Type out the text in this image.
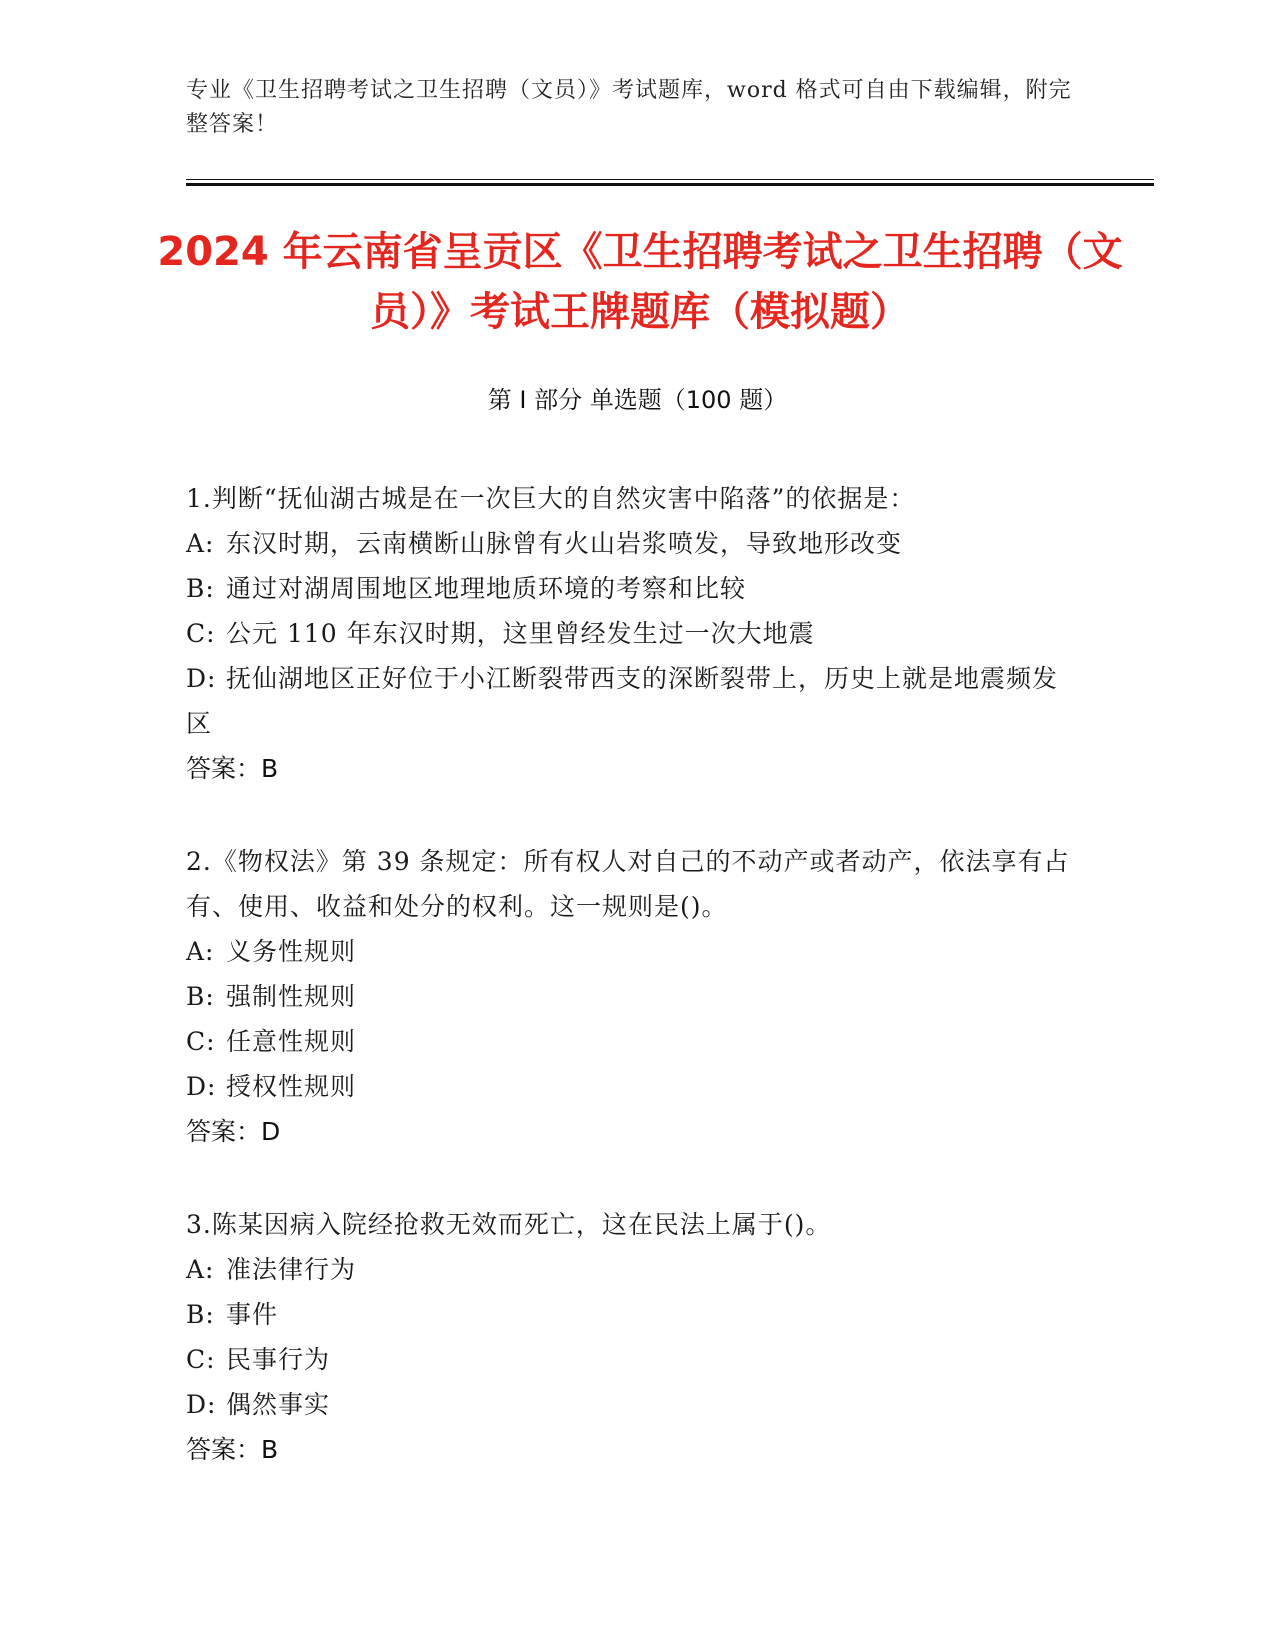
专业《卫生招聘考试之卫生招聘（文员）》考试题库，word 格式可自由下载编辑，附完整答案！
2024 年云南省呈贡区《卫生招聘考试之卫生招聘（文员）》考试王牌题库（模拟题）
第 I 部分 单选题（100 题）

1.判断“抚仙湖古城是在一次巨大的自然灾害中陷落”的依据是：

A: 东汉时期，云南横断山脉曾有火山岩浆喷发，导致地形改变

B: 通过对湖周围地区地理地质环境的考察和比较

C: 公元 110 年东汉时期，这里曾经发生过一次大地震

D: 抚仙湖地区正好位于小江断裂带西支的深断裂带上，历史上就是地震频发区

答案：B

2.《物权法》第 39 条规定：所有权人对自己的不动产或者动产，依法享有占有、使用、收益和处分的权利。这一规则是()。

A: 义务性规则

B: 强制性规则

C: 任意性规则

D: 授权性规则

答案：D

3.陈某因病入院经抢救无效而死亡，这在民法上属于()。

A: 准法律行为

B: 事件

C: 民事行为

D: 偶然事实

答案：B
